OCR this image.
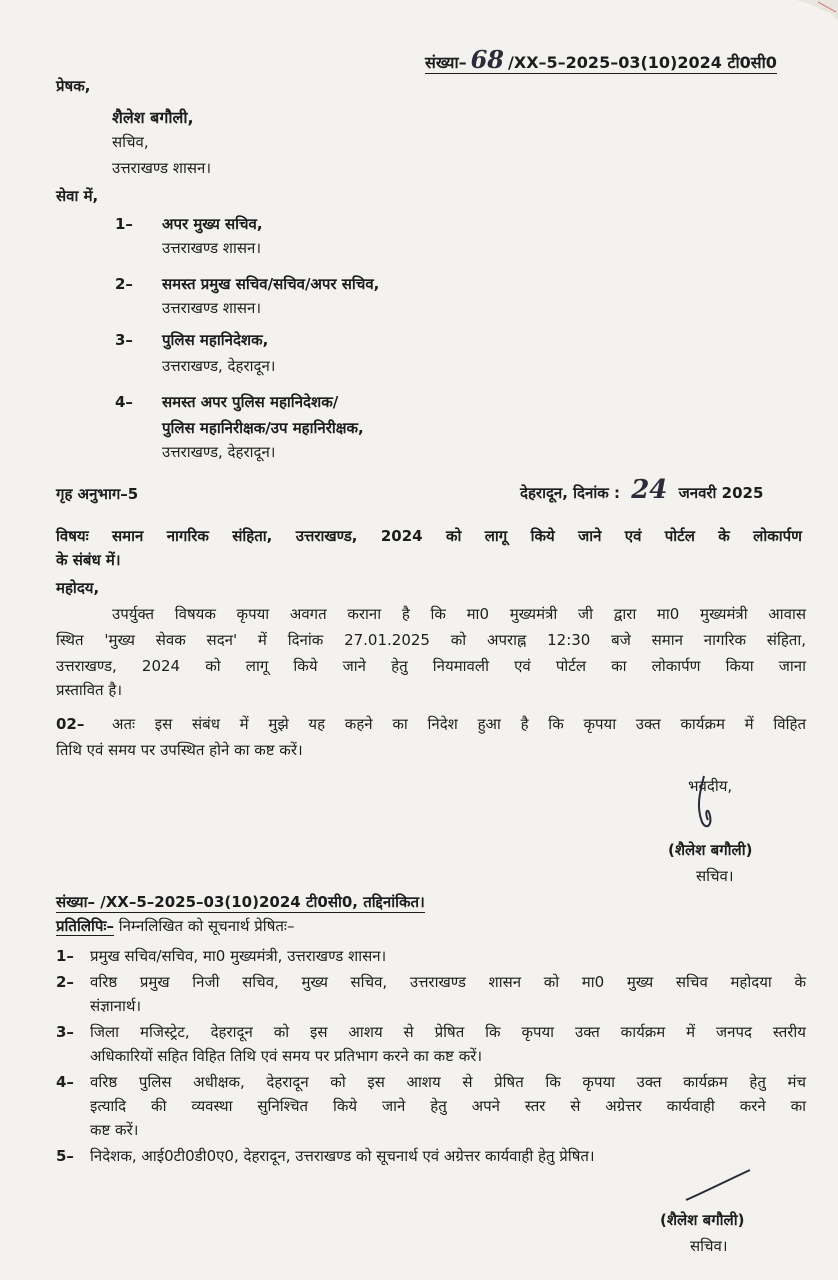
संख्या– 68 /XX–5–2025–03(10)2024 टी0सी0
प्रेषक,
शैलेश बगौली,
सचिव,
उत्तराखण्ड शासन।
सेवा में,
1– अपर मुख्य सचिव,
उत्तराखण्ड शासन।
2– समस्त प्रमुख सचिव/सचिव/अपर सचिव,
उत्तराखण्ड शासन।
3– पुलिस महानिदेशक,
उत्तराखण्ड, देहरादून।
4– समस्त अपर पुलिस महानिदेशक/
पुलिस महानिरीक्षक/उप महानिरीक्षक,
उत्तराखण्ड, देहरादून।
गृह अनुभाग–5	देहरादून, दिनांक : 24 जनवरी 2025
विषयः समान नागरिक संहिता, उत्तराखण्ड, 2024 को लागू किये जाने एवं पोर्टल के लोकार्पण
के संबंध में।
महोदय,
उपर्युक्त विषयक कृपया अवगत कराना है कि मा0 मुख्यमंत्री जी द्वारा मा0 मुख्यमंत्री आवास
स्थित 'मुख्य सेवक सदन' में दिनांक 27.01.2025 को अपराह्न 12:30 बजे समान नागरिक संहिता,
उत्तराखण्ड, 2024 को लागू किये जाने हेतु नियमावली एवं पोर्टल का लोकार्पण किया जाना
प्रस्तावित है।
02– अतः इस संबंध में मुझे यह कहने का निदेश हुआ है कि कृपया उक्त कार्यक्रम में विहित
तिथि एवं समय पर उपस्थित होने का कष्ट करें।
भवदीय,
(शैलेश बगौली)
सचिव।
संख्या– /XX–5–2025–03(10)2024 टी0सी0, तद्दिनांकित।
प्रतिलिपिः– निम्नलिखित को सूचनार्थ प्रेषितः–
1– प्रमुख सचिव/सचिव, मा0 मुख्यमंत्री, उत्तराखण्ड शासन।
2– वरिष्ठ प्रमुख निजी सचिव, मुख्य सचिव, उत्तराखण्ड शासन को मा0 मुख्य सचिव महोदया के
संज्ञानार्थ।
3– जिला मजिस्ट्रेट, देहरादून को इस आशय से प्रेषित कि कृपया उक्त कार्यक्रम में जनपद स्तरीय
अधिकारियों सहित विहित तिथि एवं समय पर प्रतिभाग करने का कष्ट करें।
4– वरिष्ठ पुलिस अधीक्षक, देहरादून को इस आशय से प्रेषित कि कृपया उक्त कार्यक्रम हेतु मंच
इत्यादि की व्यवस्था सुनिश्चित किये जाने हेतु अपने स्तर से अग्रेत्तर कार्यवाही करने का
कष्ट करें।
5– निदेशक, आई0टी0डी0ए0, देहरादून, उत्तराखण्ड को सूचनार्थ एवं अग्रेत्तर कार्यवाही हेतु प्रेषित।
(शैलेश बगौली)
सचिव।
